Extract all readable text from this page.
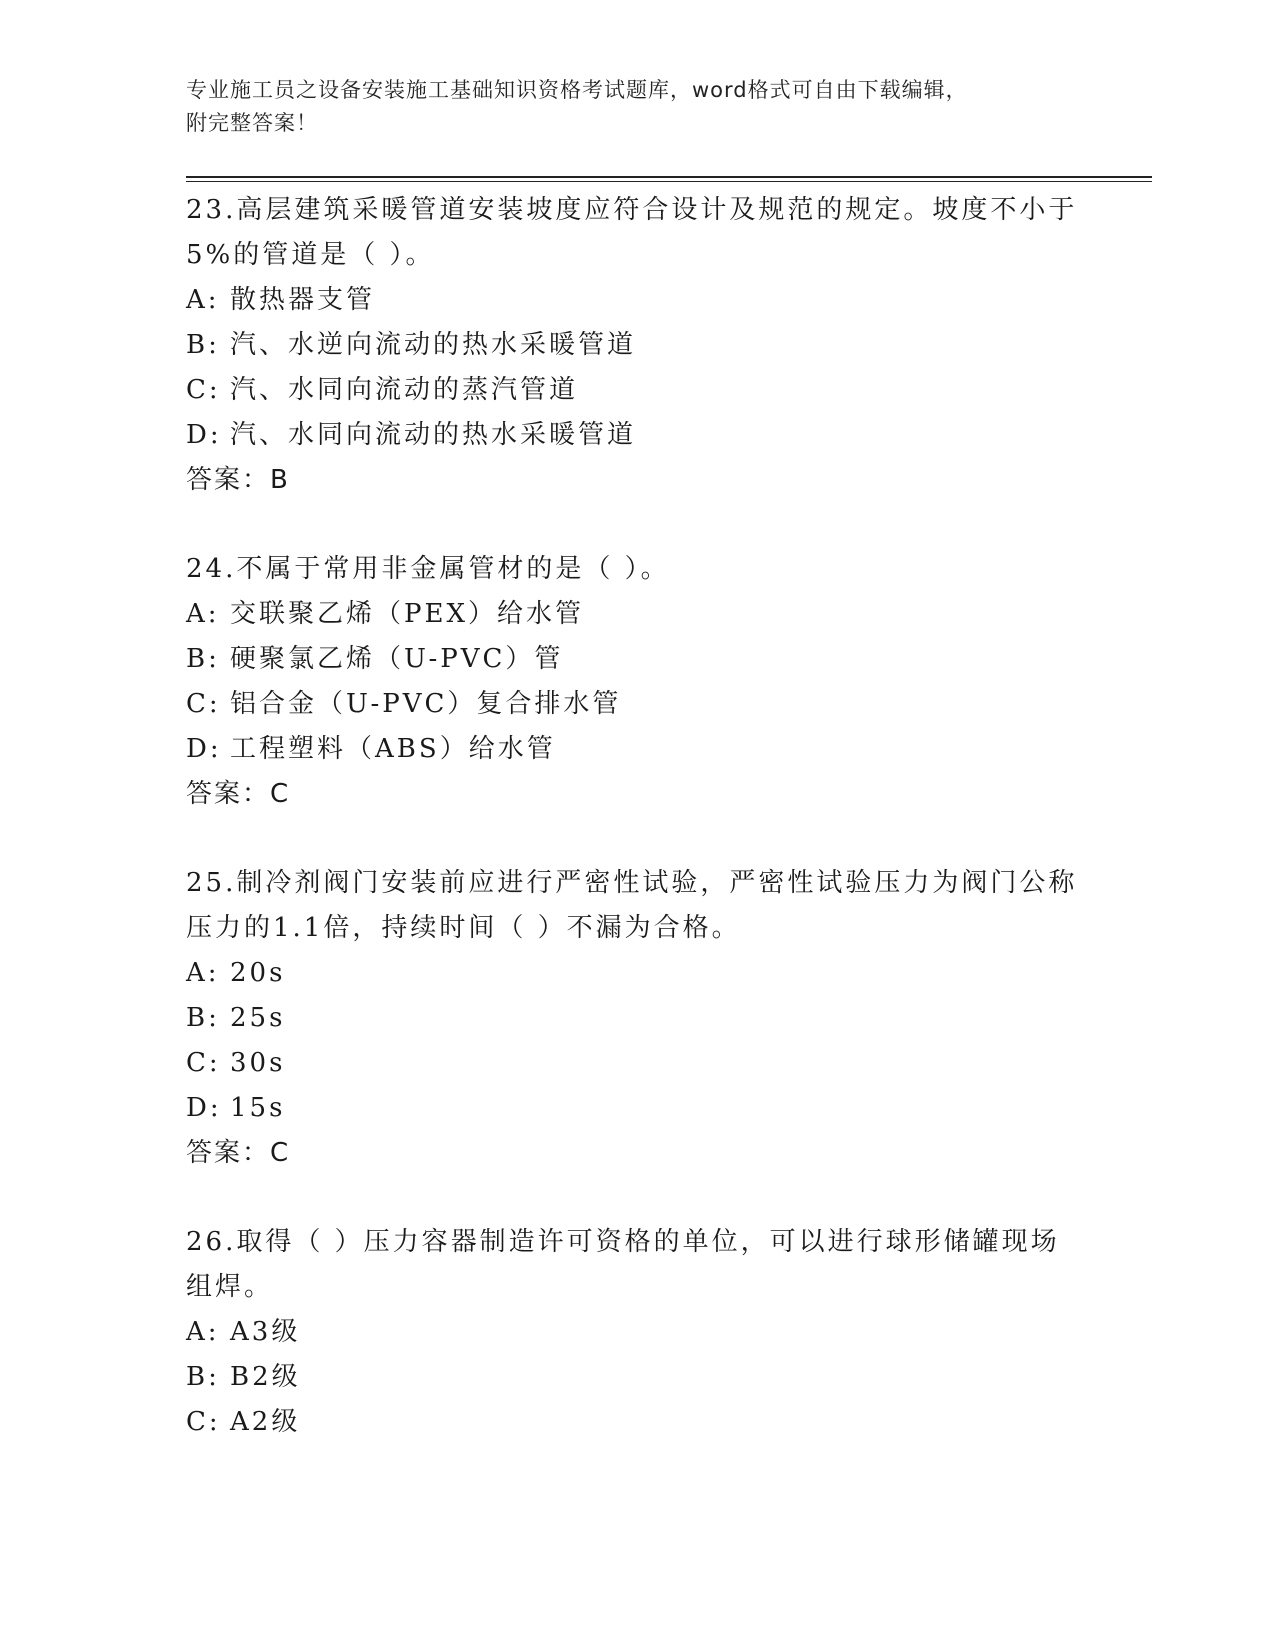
专业施工员之设备安装施工基础知识资格考试题库，word格式可自由下载编辑，
附完整答案！

23.高层建筑采暖管道安装坡度应符合设计及规范的规定。坡度不小于
5%的管道是（ ）。

A: 散热器支管

B: 汽、水逆向流动的热水采暖管道

C: 汽、水同向流动的蒸汽管道

D: 汽、水同向流动的热水采暖管道

答案：B

24.不属于常用非金属管材的是（ ）。

A: 交联聚乙烯（PEX）给水管

B: 硬聚氯乙烯（U-PVC）管

C: 铝合金（U-PVC）复合排水管

D: 工程塑料（ABS）给水管

答案：C

25.制冷剂阀门安装前应进行严密性试验，严密性试验压力为阀门公称
压力的1.1倍，持续时间（ ）不漏为合格。

A: 20s

B: 25s

C: 30s

D: 15s

答案：C

26.取得（ ）压力容器制造许可资格的单位，可以进行球形储罐现场
组焊。

A: A3级

B: B2级

C: A2级
